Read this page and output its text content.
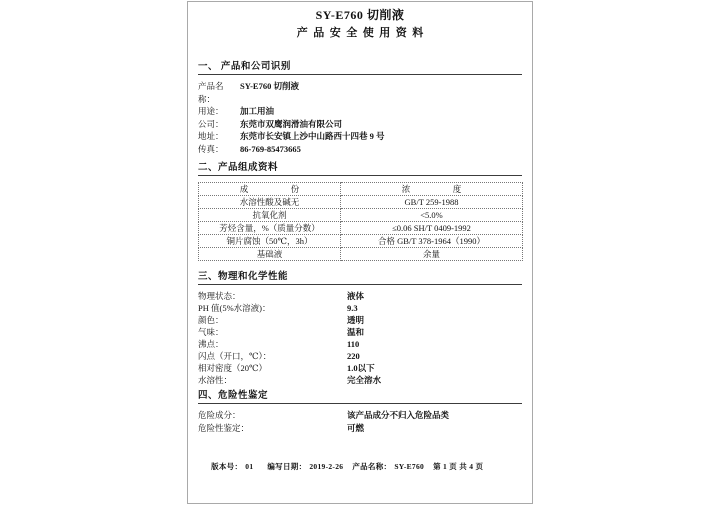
SY-E760 切削液
产  品  安  全  使  用  资  料
一、 产品和公司识别
产品名称：
SY-E760 切削液
用途：	加工用油
公司：	东莞市双鹰润滑油有限公司
地址：	东莞市长安镇上沙中山路西十四巷 9 号
传真：	86-769-85473665
二、产品组成资料
成　　　　　份	浓　　　　　度
水溶性酸及碱无	GB/T 259-1988
抗氧化剂	<5.0%
芳烃含量，%（质量分数）	≤0.06 SH/T 0409-1992
铜片腐蚀（50℃，3h）	合格 GB/T 378-1964（1990）
基础液	余量
三、物理和化学性能
物理状态：	液体
PH 值(5%水溶液)：	9.3
颜色：	透明
气味：	温和
沸点：	110
闪点（开口，℃）：	220
相对密度（20℃）	1.0以下
水溶性：	完全溶水
四、危险性鉴定
危险成分：	该产品成分不归入危险品类
危险性鉴定：	可燃

版本号： 01 编写日期： 2019-2-26 产品名称： SY-E760 第 1 页 共 4 页
